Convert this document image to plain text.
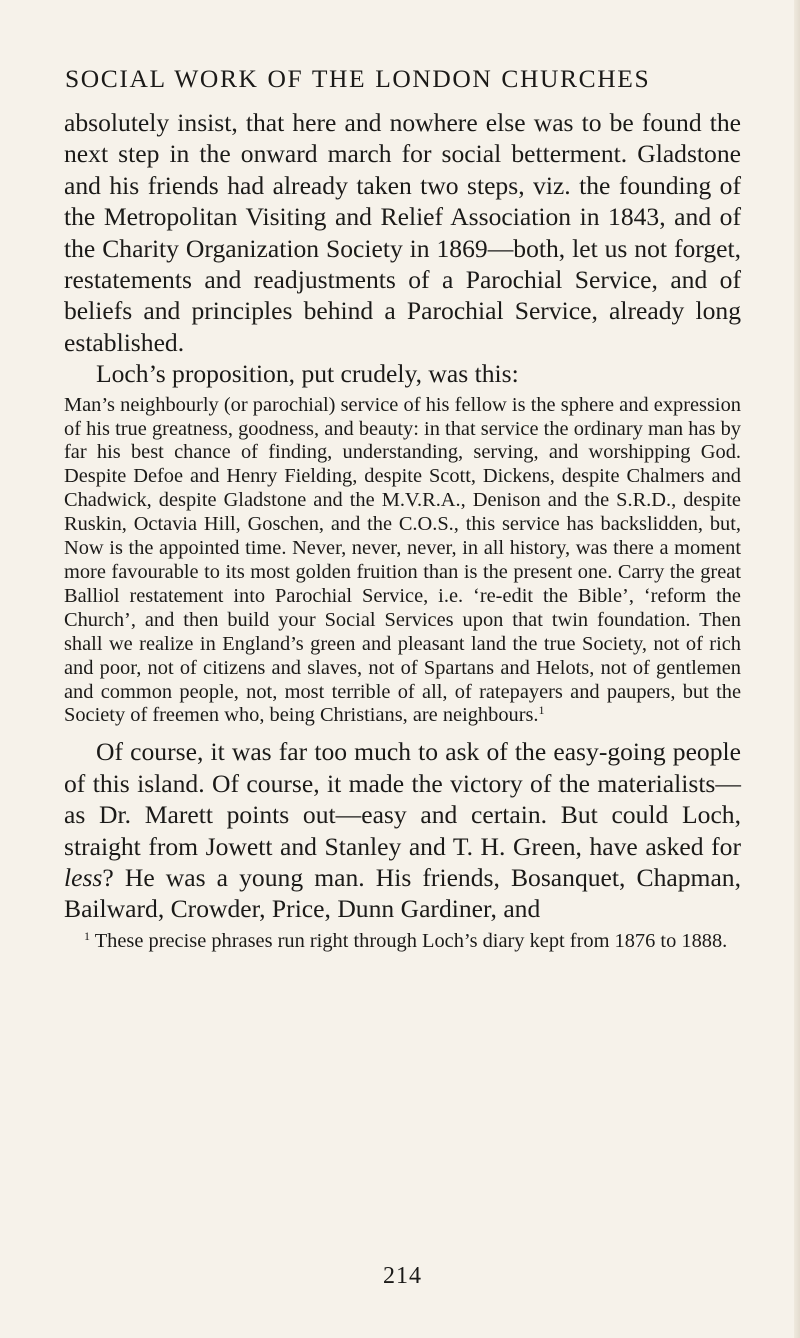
SOCIAL WORK OF THE LONDON CHURCHES

absolutely insist, that here and nowhere else was to be found the next step in the onward march for social betterment. Gladstone and his friends had already taken two steps, viz. the founding of the Metropolitan Visiting and Relief Association in 1843, and of the Charity Organization Society in 1869—both, let us not forget, restatements and readjustments of a Parochial Service, and of beliefs and principles behind a Parochial Service, already long established.

Loch’s proposition, put crudely, was this:

Man’s neighbourly (or parochial) service of his fellow is the sphere and expression of his true greatness, goodness, and beauty: in that service the ordinary man has by far his best chance of finding, understanding, serving, and worshipping God. Despite Defoe and Henry Fielding, despite Scott, Dickens, despite Chalmers and Chadwick, despite Gladstone and the M.V.R.A., Denison and the S.R.D., despite Ruskin, Octavia Hill, Goschen, and the C.O.S., this service has backslidden, but, Now is the appointed time. Never, never, never, in all history, was there a moment more favourable to its most golden fruition than is the present one. Carry the great Balliol restatement into Parochial Service, i.e. ‘re-edit the Bible’, ‘reform the Church’, and then build your Social Services upon that twin foundation. Then shall we realize in England’s green and pleasant land the true Society, not of rich and poor, not of citizens and slaves, not of Spartans and Helots, not of gentlemen and common people, not, most terrible of all, of ratepayers and paupers, but the Society of freemen who, being Christians, are neighbours.$^1$

Of course, it was far too much to ask of the easy-going people of this island. Of course, it made the victory of the materialists—as Dr. Marett points out—easy and certain. But could Loch, straight from Jowett and Stanley and T. H. Green, have asked for less? He was a young man. His friends, Bosanquet, Chapman, Bailward, Crowder, Price, Dunn Gardiner, and

$^1$ These precise phrases run right through Loch’s diary kept from 1876 to 1888.

214
